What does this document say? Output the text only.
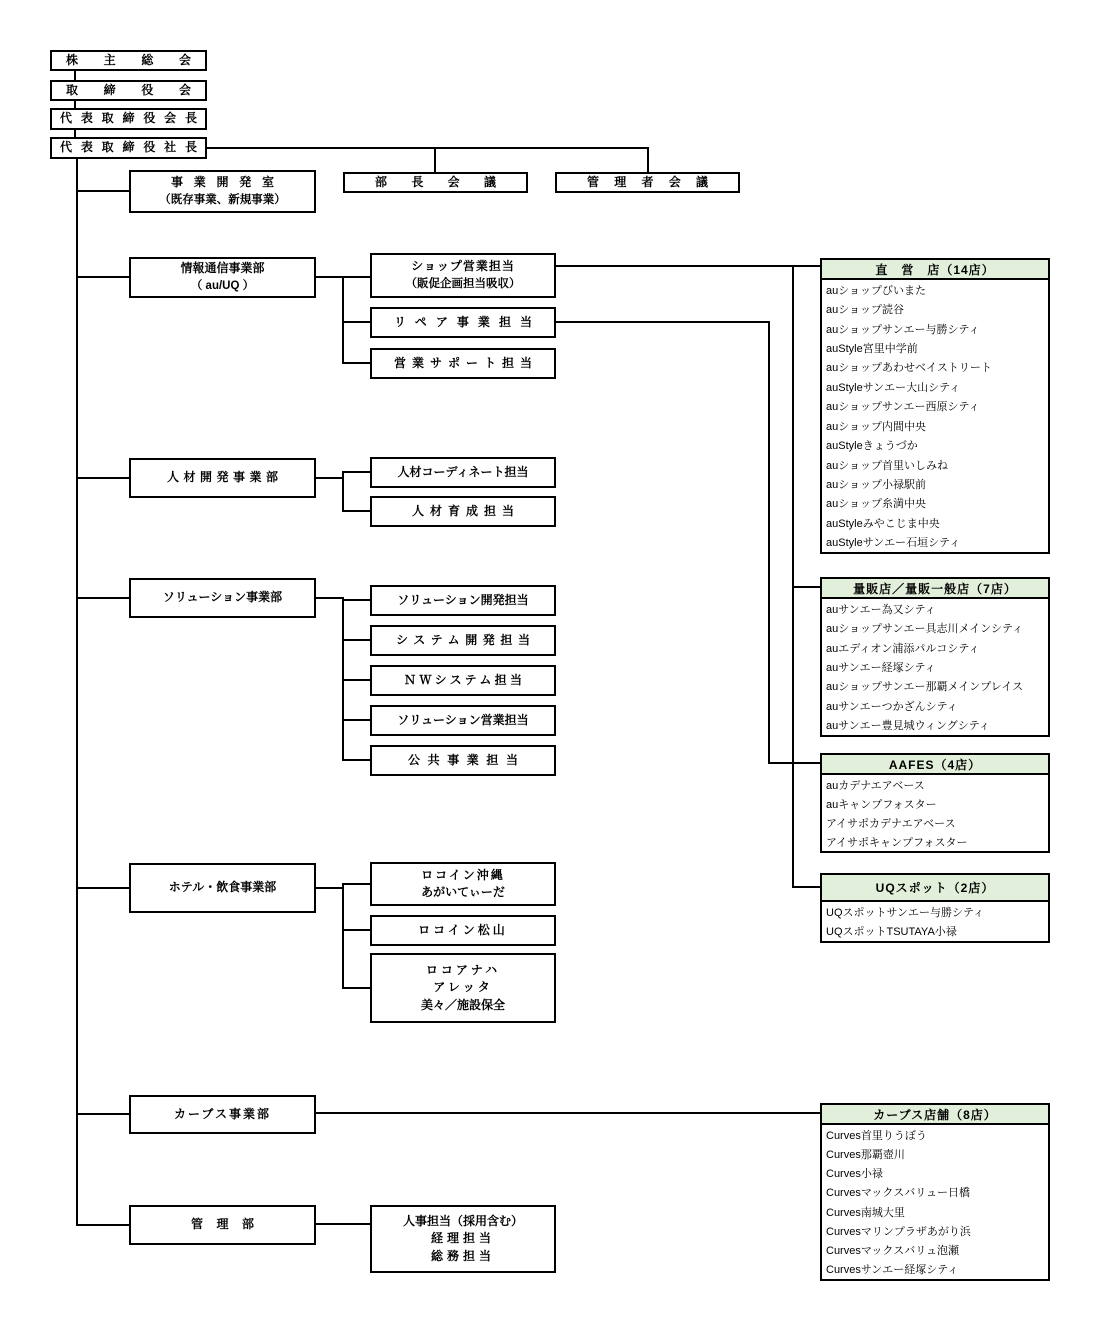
株主総会
取締役会
代表取締役会長
代表取締役社長
事業開発室
（既存事業、新規事業）
部長会議	管理者会議
情報通信事業部
（ au/UQ ）
人材開発事業部
ソリューション事業部
ホテル・飲食事業部
カーブス事業部
管理部
ショップ営業担当
（販促企画担当吸収）
リペア事業担当
営業サポート担当
人材コーディネート担当
人材育成担当
ソリューション開発担当
システム開発担当
ＮＷシステム担当
ソリューション営業担当
公共事業担当
ロコイン沖縄
あがいてぃーだ
ロコイン松山
ロコアナハ
アレッタ
美々／施設保全
人事担当（採用含む）
経理担当
総務担当
直　営　店（14店）
auショップびいまた
auショップ読谷
auショップサンエー与勝シティ
auStyle宮里中学前
auショップあわせベイストリート
auStyleサンエー大山シティ
auショップサンエー西原シティ
auショップ内間中央
auStyleきょうづか
auショップ首里いしみね
auショップ小禄駅前
auショップ糸満中央
auStyleみやこじま中央
auStyleサンエー石垣シティ
量販店／量販一般店（7店）
auサンエー為又シティ
auショップサンエー具志川メインシティ
auエディオン浦添パルコシティ
auサンエー経塚シティ
auショップサンエー那覇メインプレイス
auサンエーつかざんシティ
auサンエー豊見城ウィングシティ
AAFES（4店）
auカデナエアベース
auキャンプフォスター
アイサポカデナエアベース
アイサポキャンプフォスター
UQスポット（2店）
UQスポットサンエー与勝シティ
UQスポットTSUTAYA小禄
カーブス店舗（8店）
Curves首里りうぼう
Curves那覇壺川
Curves小禄
Curvesマックスバリュー日橋
Curves南城大里
Curvesマリンプラザあがり浜
Curvesマックスバリュ泡瀬
Curvesサンエー経塚シティ
